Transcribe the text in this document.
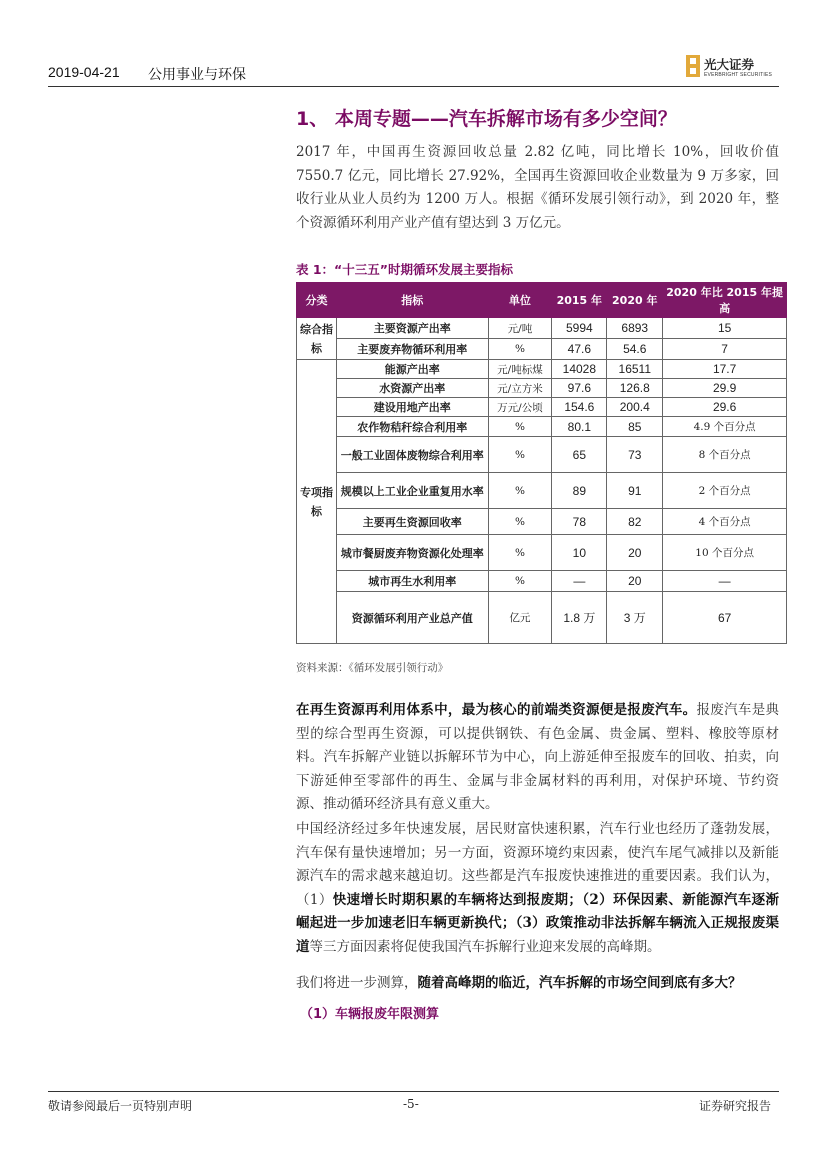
2019-04-21 公用事业与环保
光大证券
EVERBRIGHT SECURITIES
1、 本周专题——汽车拆解市场有多少空间？
2017 年，中国再生资源回收总量 2.82 亿吨，同比增长 10%，回收价值 7550.7 亿元，同比增长 27.92%，全国再生资源回收企业数量为 9 万多家，回收行业从业人员约为 1200 万人。根据《循环发展引领行动》，到 2020 年，整个资源循环利用产业产值有望达到 3 万亿元。
表 1：“十三五”时期循环发展主要指标
分类	指标	单位	2015 年	2020 年	2020 年比 2015 年提高
综合指标	主要资源产出率	元/吨	5994	6893	15
	主要废弃物循环利用率	%	47.6	54.6	7
专项指标	能源产出率	元/吨标煤	14028	16511	17.7
	水资源产出率	元/立方米	97.6	126.8	29.9
	建设用地产出率	万元/公顷	154.6	200.4	29.6
	农作物秸秆综合利用率	%	80.1	85	4.9 个百分点
	一般工业固体废物综合利用率	%	65	73	8 个百分点
	规模以上工业企业重复用水率	%	89	91	2 个百分点
	主要再生资源回收率	%	78	82	4 个百分点
	城市餐厨废弃物资源化处理率	%	10	20	10 个百分点
	城市再生水利用率	%	—	20	—
	资源循环利用产业总产值	亿元	1.8 万	3 万	67
资料来源：《循环发展引领行动》
在再生资源再利用体系中，最为核心的前端类资源便是报废汽车。报废汽车是典型的综合型再生资源，可以提供钢铁、有色金属、贵金属、塑料、橡胶等原材料。汽车拆解产业链以拆解环节为中心，向上游延伸至报废车的回收、拍卖，向下游延伸至零部件的再生、金属与非金属材料的再利用，对保护环境、节约资源、推动循环经济具有意义重大。
中国经济经过多年快速发展，居民财富快速积累，汽车行业也经历了蓬勃发展，汽车保有量快速增加；另一方面，资源环境约束因素，使汽车尾气减排以及新能源汽车的需求越来越迫切。这些都是汽车报废快速推进的重要因素。我们认为，（1）快速增长时期积累的车辆将达到报废期；（2）环保因素、新能源汽车逐渐崛起进一步加速老旧车辆更新换代；（3）政策推动非法拆解车辆流入正规报废渠道等三方面因素将促使我国汽车拆解行业迎来发展的高峰期。
我们将进一步测算，随着高峰期的临近，汽车拆解的市场空间到底有多大？
（1）车辆报废年限测算
敬请参阅最后一页特别声明	-5-	证券研究报告
